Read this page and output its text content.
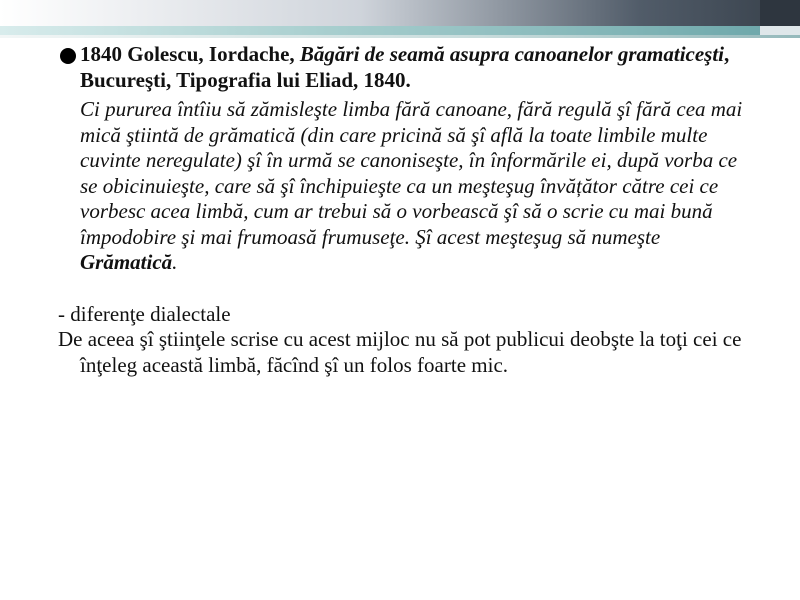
1840 Golescu, Iordache, Băgări de seamă asupra canoanelor gramaticeşti, Bucureşti, Tipografia lui Eliad, 1840.
Ci pururea întîiu să zămisleşte limba fără canoane, fără regulă şî fără cea mai mică ştiintă de grămatică (din care pricină să şî află la toate limbile multe cuvinte neregulate) şî în urmă se canoniseşte, în înformările ei, după vorba ce se obicinuieşte, care să şî închipuieşte ca un meşteşug învățător către cei ce vorbesc acea limbă, cum ar trebui să o vorbească şî să o scrie cu mai bună împodobire şi mai frumoasă frumuseţe. Şî acest meşteşug să numeşte Grămatică.
- diferenţe dialectale
De aceea şî ştiinţele scrise cu acest mijloc nu să pot publicui deobşte la toţi cei ce înţeleg această limbă, făcînd şî un folos foarte mic.
